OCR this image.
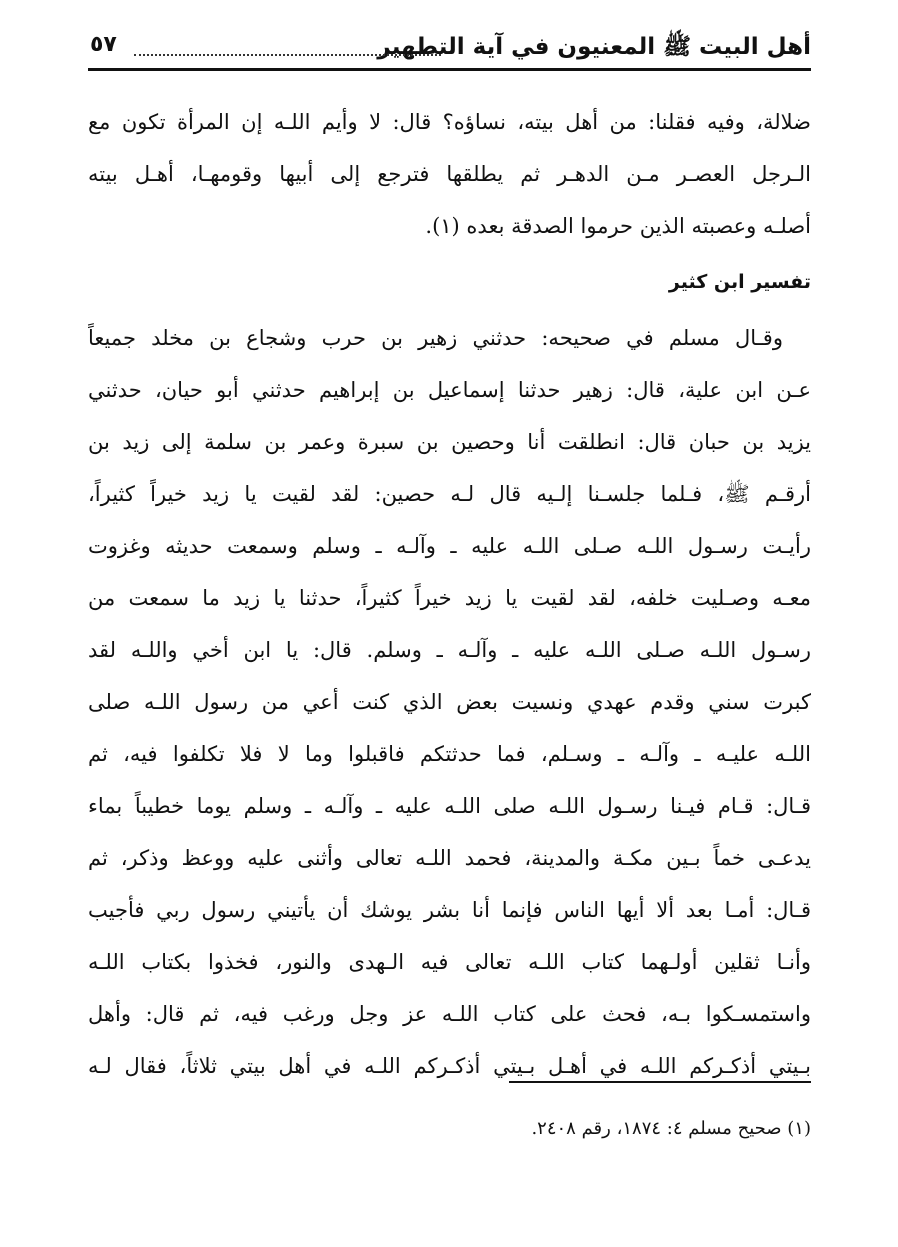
أهل البيت ﷺ المعنيون في آية التطهير
٥٧
ضلالة، وفيه فقلنا: من أهل بيته، نساؤه؟ قال: لا وأيم اللـه إن المرأة تكون مع
الـرجل العصـر مـن الدهـر ثم يطلقها فترجع إلى أبيها وقومهـا، أهـل بيته
أصلـه وعصبته الذين حرموا الصدقة بعده (١).
تفسير ابن كثير
وقـال مسلم في صحيحه: حدثني زهير بن حرب وشجاع بن مخلد جميعاً
عـن ابن علية، قال: زهير حدثنا إسماعيل بن إبراهيم حدثني أبو حيان، حدثني
يزيد بن حبان قال: انطلقت أنا وحصين بن سبرة وعمر بن سلمة إلى زيد بن
أرقـم ﷺ، فـلما جلسـنا إلـيه قال لـه حصين: لقد لقيت يا زيد خيراً كثيراً،
رأيـت رسـول اللـه صـلى اللـه عليه ـ وآلـه ـ وسلم وسمعت حديثه وغزوت
معـه وصـليت خلفه، لقد لقيت يا زيد خيراً كثيراً، حدثنا يا زيد ما سمعت من
رسـول اللـه صـلى اللـه عليه ـ وآلـه ـ وسلم. قال: يا ابن أخي واللـه لقد
كبرت سني وقدم عهدي ونسيت بعض الذي كنت أعي من رسول اللـه صلى
اللـه عليـه ـ وآلـه ـ وسـلم، فما حدثتكم فاقبلوا وما لا فلا تكلفوا فيه، ثم
قـال: قـام فيـنا رسـول اللـه صلى اللـه عليه ـ وآلـه ـ وسلم يوما خطيباً بماء
يدعـى خماً بـين مكـة والمدينة، فحمد اللـه تعالى وأثنى عليه ووعظ وذكر، ثم
قـال: أمـا بعد ألا أيها الناس فإنما أنا بشر يوشك أن يأتيني رسول ربي فأجيب
وأنـا ثقلين أولـهما كتاب اللـه تعالى فيه الـهدى والنور، فخذوا بكتاب اللـه
واستمسـكوا بـه، فحث على كتاب اللـه عز وجل ورغب فيه، ثم قال: وأهل
بـيتي أذكـركم اللـه في أهـل بـيتي أذكـركم اللـه في أهل بيتي ثلاثاً، فقال لـه
(١) صحيح مسلم ٤: ١٨٧٤، رقم ٢٤٠٨.
